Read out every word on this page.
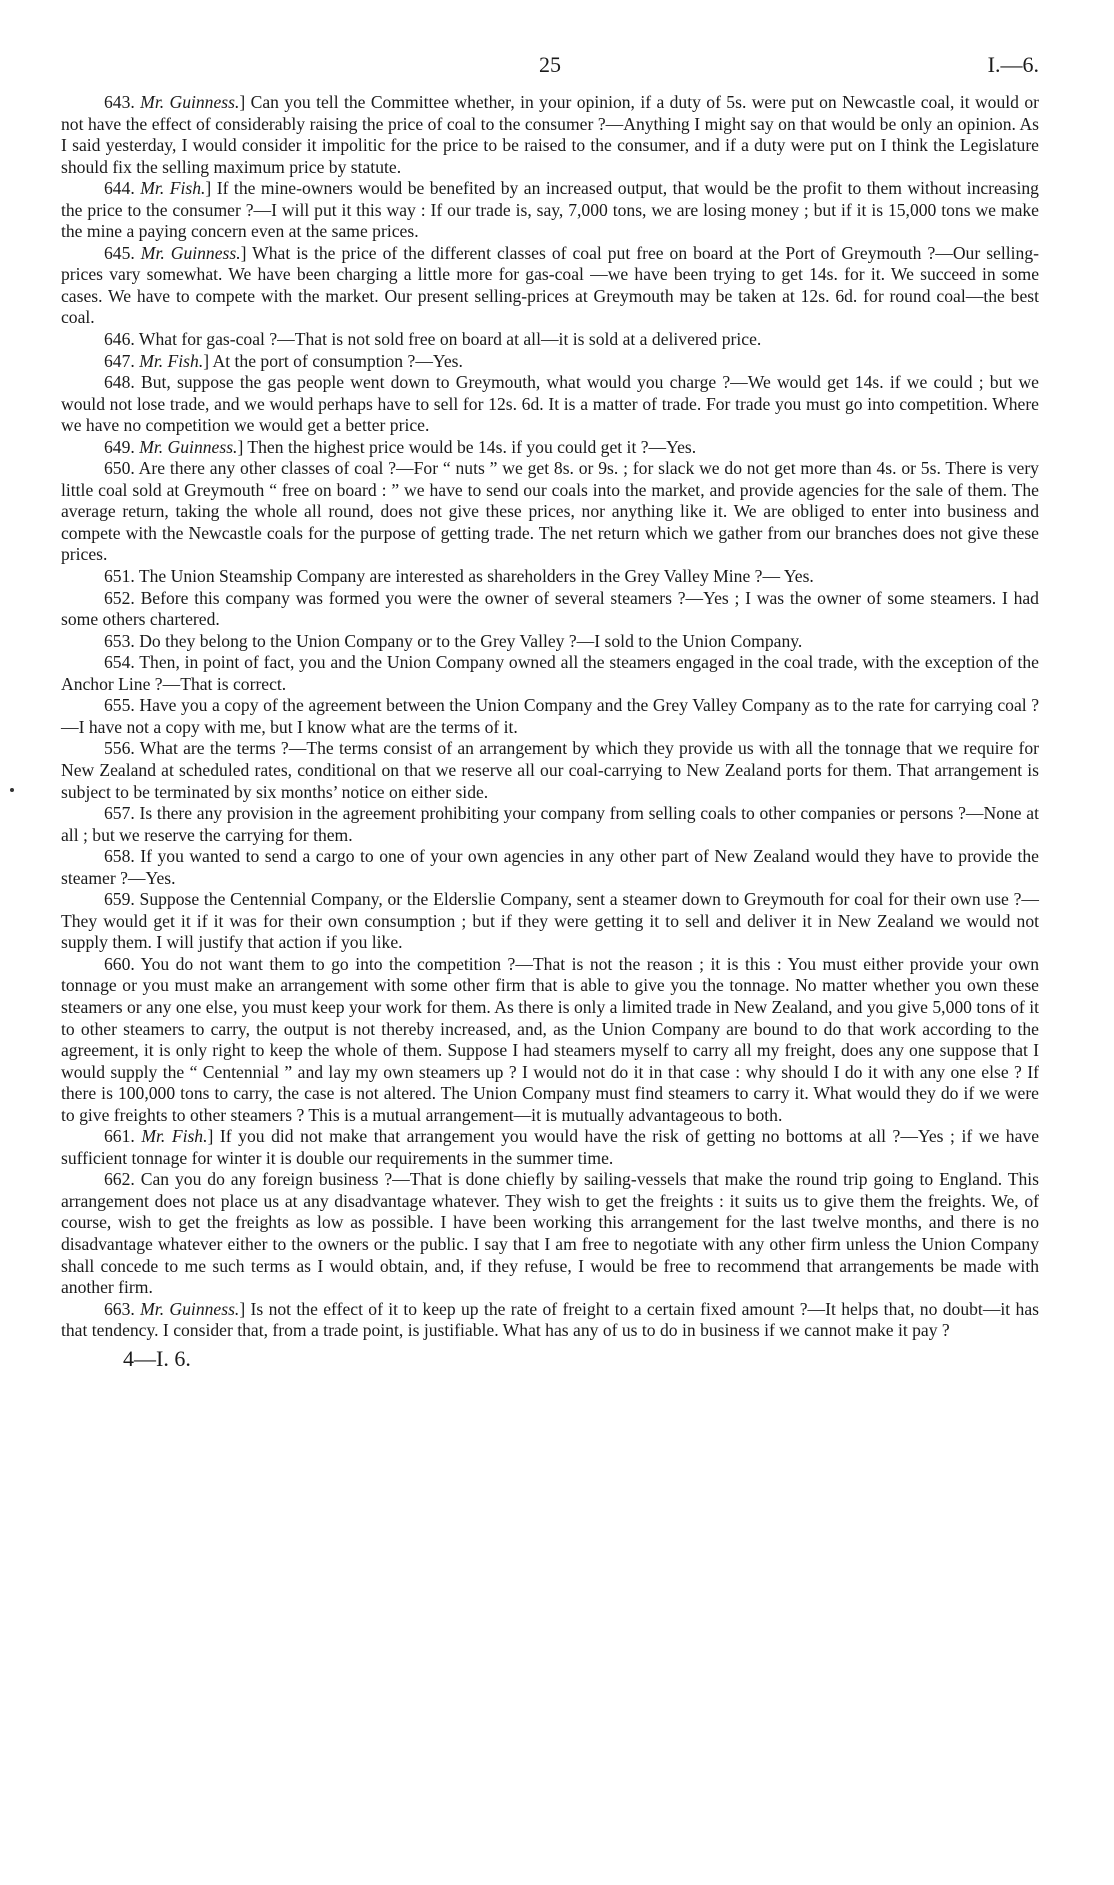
25	I.—6.

643. Mr. Guinness.] Can you tell the Committee whether, in your opinion, if a duty of 5s. were put on Newcastle coal, it would or not have the effect of considerably raising the price of coal to the consumer ?—Anything I might say on that would be only an opinion. As I said yesterday, I would consider it impolitic for the price to be raised to the consumer, and if a duty were put on I think the Legislature should fix the selling maximum price by statute.

644. Mr. Fish.] If the mine-owners would be benefited by an increased output, that would be the profit to them without increasing the price to the consumer ?—I will put it this way : If our trade is, say, 7,000 tons, we are losing money ; but if it is 15,000 tons we make the mine a paying concern even at the same prices.

645. Mr. Guinness.] What is the price of the different classes of coal put free on board at the Port of Greymouth ?—Our selling-prices vary somewhat. We have been charging a little more for gas-coal —we have been trying to get 14s. for it. We succeed in some cases. We have to compete with the market. Our present selling-prices at Greymouth may be taken at 12s. 6d. for round coal—the best coal.

646. What for gas-coal ?—That is not sold free on board at all—it is sold at a delivered price.

647. Mr. Fish.] At the port of consumption ?—Yes.

648. But, suppose the gas people went down to Greymouth, what would you charge ?—We would get 14s. if we could ; but we would not lose trade, and we would perhaps have to sell for 12s. 6d. It is a matter of trade. For trade you must go into competition. Where we have no competition we would get a better price.

649. Mr. Guinness.] Then the highest price would be 14s. if you could get it ?—Yes.

650. Are there any other classes of coal ?—For “ nuts ” we get 8s. or 9s. ; for slack we do not get more than 4s. or 5s. There is very little coal sold at Greymouth “ free on board : ” we have to send our coals into the market, and provide agencies for the sale of them. The average return, taking the whole all round, does not give these prices, nor anything like it. We are obliged to enter into business and compete with the Newcastle coals for the purpose of getting trade. The net return which we gather from our branches does not give these prices.

651. The Union Steamship Company are interested as shareholders in the Grey Valley Mine ?— Yes.

652. Before this company was formed you were the owner of several steamers ?—Yes ; I was the owner of some steamers. I had some others chartered.

653. Do they belong to the Union Company or to the Grey Valley ?—I sold to the Union Company.

654. Then, in point of fact, you and the Union Company owned all the steamers engaged in the coal trade, with the exception of the Anchor Line ?—That is correct.

655. Have you a copy of the agreement between the Union Company and the Grey Valley Company as to the rate for carrying coal ?—I have not a copy with me, but I know what are the terms of it.

556. What are the terms ?—The terms consist of an arrangement by which they provide us with all the tonnage that we require for New Zealand at scheduled rates, conditional on that we reserve all our coal-carrying to New Zealand ports for them. That arrangement is subject to be terminated by six months’ notice on either side.

657. Is there any provision in the agreement prohibiting your company from selling coals to other companies or persons ?—None at all ; but we reserve the carrying for them.

658. If you wanted to send a cargo to one of your own agencies in any other part of New Zealand would they have to provide the steamer ?—Yes.

659. Suppose the Centennial Company, or the Elderslie Company, sent a steamer down to Greymouth for coal for their own use ?—They would get it if it was for their own consumption ; but if they were getting it to sell and deliver it in New Zealand we would not supply them. I will justify that action if you like.

660. You do not want them to go into the competition ?—That is not the reason ; it is this : You must either provide your own tonnage or you must make an arrangement with some other firm that is able to give you the tonnage. No matter whether you own these steamers or any one else, you must keep your work for them. As there is only a limited trade in New Zealand, and you give 5,000 tons of it to other steamers to carry, the output is not thereby increased, and, as the Union Company are bound to do that work according to the agreement, it is only right to keep the whole of them. Suppose I had steamers myself to carry all my freight, does any one suppose that I would supply the “ Centennial ” and lay my own steamers up ? I would not do it in that case : why should I do it with any one else ? If there is 100,000 tons to carry, the case is not altered. The Union Company must find steamers to carry it. What would they do if we were to give freights to other steamers ? This is a mutual arrangement—it is mutually advantageous to both.

661. Mr. Fish.] If you did not make that arrangement you would have the risk of getting no bottoms at all ?—Yes ; if we have sufficient tonnage for winter it is double our requirements in the summer time.

662. Can you do any foreign business ?—That is done chiefly by sailing-vessels that make the round trip going to England. This arrangement does not place us at any disadvantage whatever. They wish to get the freights : it suits us to give them the freights. We, of course, wish to get the freights as low as possible. I have been working this arrangement for the last twelve months, and there is no disadvantage whatever either to the owners or the public. I say that I am free to negotiate with any other firm unless the Union Company shall concede to me such terms as I would obtain, and, if they refuse, I would be free to recommend that arrangements be made with another firm.

663. Mr. Guinness.] Is not the effect of it to keep up the rate of freight to a certain fixed amount ?—It helps that, no doubt—it has that tendency. I consider that, from a trade point, is justifiable. What has any of us to do in business if we cannot make it pay ?

4—I. 6.
